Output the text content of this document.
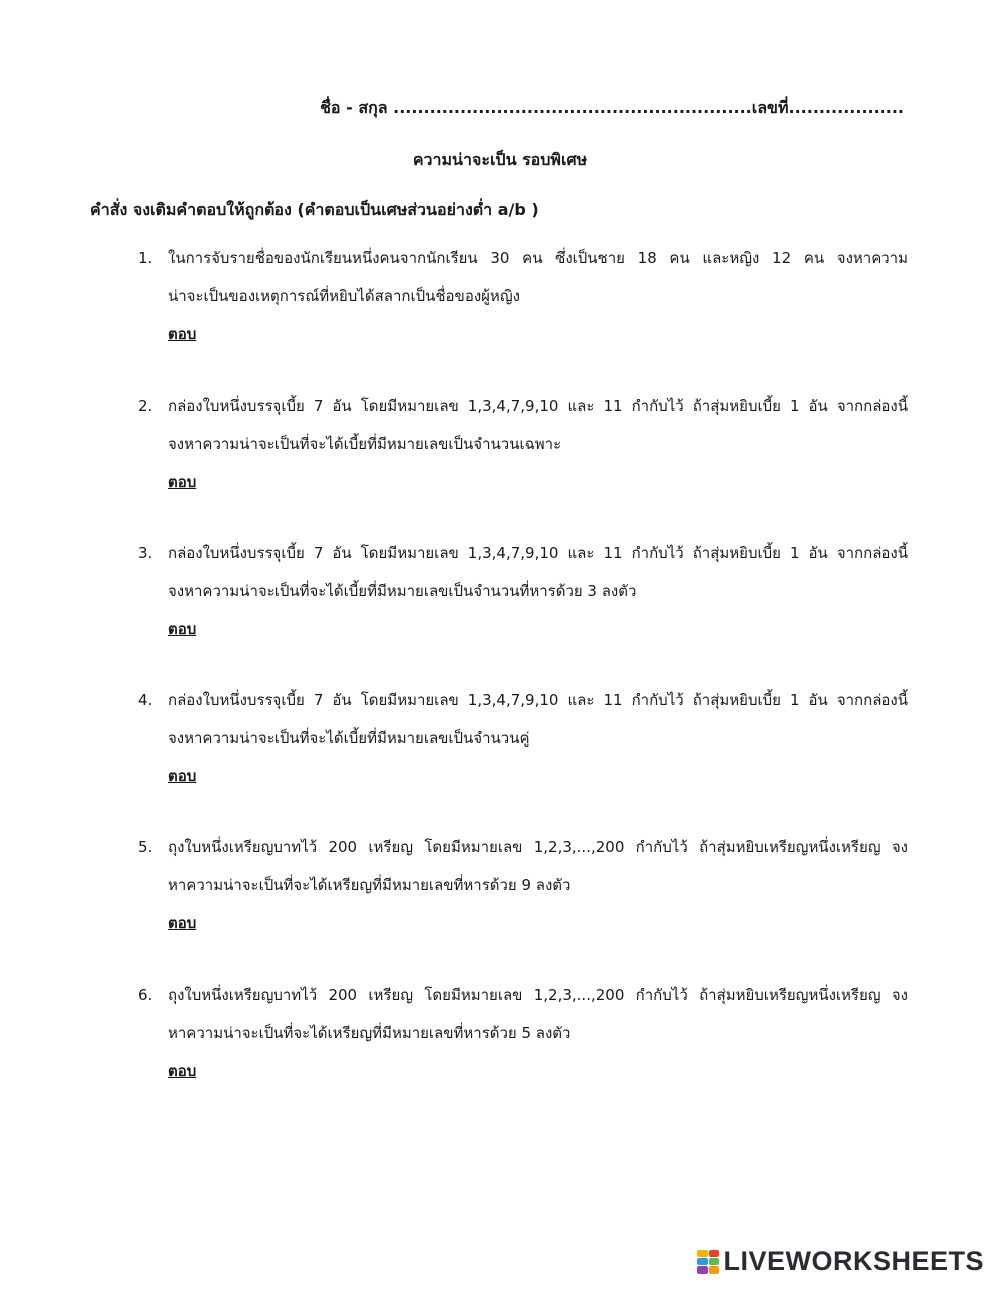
ชื่อ - สกุล ...........................................................เลขที่...................
ความน่าจะเป็น รอบพิเศษ
คำสั่ง จงเติมคำตอบให้ถูกต้อง (คำตอบเป็นเศษส่วนอย่างต่ำ a/b )
1.	ในการจับรายชื่อของนักเรียนหนึ่งคนจากนักเรียน 30 คน ซึ่งเป็นชาย 18 คน และหญิง 12 คน จงหาความ
น่าจะเป็นของเหตุการณ์ที่หยิบได้สลากเป็นชื่อของผู้หญิง
ตอบ
2.	กล่องใบหนึ่งบรรจุเบี้ย 7 อัน โดยมีหมายเลข 1,3,4,7,9,10 และ 11 กำกับไว้ ถ้าสุ่มหยิบเบี้ย 1 อัน จากกล่องนี้
จงหาความน่าจะเป็นที่จะได้เบี้ยที่มีหมายเลขเป็นจำนวนเฉพาะ
ตอบ
3.	กล่องใบหนึ่งบรรจุเบี้ย 7 อัน โดยมีหมายเลข 1,3,4,7,9,10 และ 11 กำกับไว้ ถ้าสุ่มหยิบเบี้ย 1 อัน จากกล่องนี้
จงหาความน่าจะเป็นที่จะได้เบี้ยที่มีหมายเลขเป็นจำนวนที่หารด้วย 3 ลงตัว
ตอบ
4.	กล่องใบหนึ่งบรรจุเบี้ย 7 อัน โดยมีหมายเลข 1,3,4,7,9,10 และ 11 กำกับไว้ ถ้าสุ่มหยิบเบี้ย 1 อัน จากกล่องนี้
จงหาความน่าจะเป็นที่จะได้เบี้ยที่มีหมายเลขเป็นจำนวนคู่
ตอบ
5.	ถุงใบหนึ่งเหรียญบาทไว้ 200 เหรียญ โดยมีหมายเลข 1,2,3,...,200 กำกับไว้ ถ้าสุ่มหยิบเหรียญหนึ่งเหรียญ จง
หาความน่าจะเป็นที่จะได้เหรียญที่มีหมายเลขที่หารด้วย 9 ลงตัว
ตอบ
6.	ถุงใบหนึ่งเหรียญบาทไว้ 200 เหรียญ โดยมีหมายเลข 1,2,3,...,200 กำกับไว้ ถ้าสุ่มหยิบเหรียญหนึ่งเหรียญ จง
หาความน่าจะเป็นที่จะได้เหรียญที่มีหมายเลขที่หารด้วย 5 ลงตัว
ตอบ
LIVEWORKSHEETS
